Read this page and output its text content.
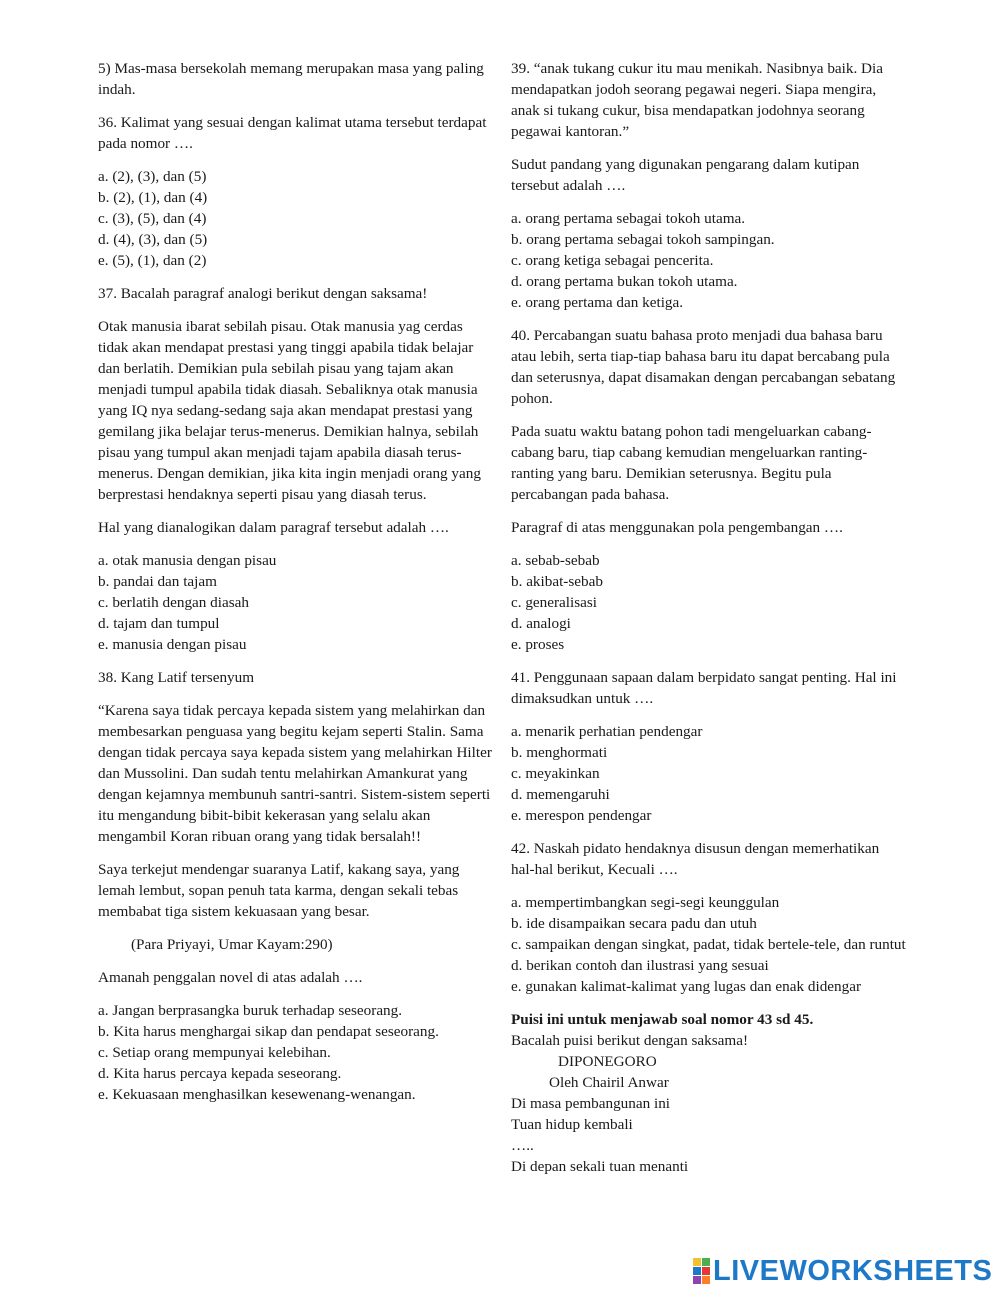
5) Mas-masa bersekolah memang merupakan masa yang paling indah.

36. Kalimat yang sesuai dengan kalimat utama tersebut terdapat pada nomor ….

a. (2), (3), dan (5)
b. (2), (1), dan (4)
c. (3), (5), dan (4)
d. (4), (3), dan (5)
e. (5), (1), dan (2)

37. Bacalah paragraf analogi berikut dengan saksama!

Otak manusia ibarat sebilah pisau. Otak manusia yag cerdas tidak akan mendapat prestasi yang tinggi apabila tidak belajar dan berlatih. Demikian pula sebilah pisau yang tajam akan menjadi tumpul apabila tidak diasah. Sebaliknya otak manusia yang IQ nya sedang-sedang saja akan mendapat prestasi yang gemilang jika belajar terus-menerus. Demikian halnya, sebilah pisau yang tumpul akan menjadi tajam apabila diasah terus-menerus. Dengan demikian, jika kita ingin menjadi orang yang berprestasi hendaknya seperti pisau yang diasah terus.

Hal yang dianalogikan dalam paragraf tersebut adalah ….

a. otak manusia dengan pisau
b. pandai dan tajam
c. berlatih dengan diasah
d. tajam dan tumpul
e. manusia dengan pisau

38. Kang Latif tersenyum

“Karena saya tidak percaya kepada sistem yang melahirkan dan membesarkan penguasa yang begitu kejam seperti Stalin. Sama dengan tidak percaya saya kepada sistem yang melahirkan Hilter dan Mussolini. Dan sudah tentu melahirkan Amankurat yang dengan kejamnya membunuh santri-santri. Sistem-sistem seperti itu mengandung bibit-bibit kekerasan yang selalu akan mengambil Koran ribuan orang yang tidak bersalah!!

Saya terkejut mendengar suaranya Latif, kakang saya, yang lemah lembut, sopan penuh tata karma, dengan sekali tebas membabat tiga sistem kekuasaan yang besar.

(Para Priyayi, Umar Kayam:290)

Amanah penggalan novel di atas adalah ….

a. Jangan berprasangka buruk terhadap seseorang.
b. Kita harus menghargai sikap dan pendapat seseorang.
c. Setiap orang mempunyai kelebihan.
d. Kita harus percaya kepada seseorang.
e. Kekuasaan menghasilkan kesewenang-wenangan.

39. “anak tukang cukur itu mau menikah. Nasibnya baik. Dia mendapatkan jodoh seorang pegawai negeri. Siapa mengira, anak si tukang cukur, bisa mendapatkan jodohnya seorang pegawai kantoran.”

Sudut pandang yang digunakan pengarang dalam kutipan tersebut adalah ….

a. orang pertama sebagai tokoh utama.
b. orang pertama sebagai tokoh sampingan.
c. orang ketiga sebagai pencerita.
d. orang pertama bukan tokoh utama.
e. orang pertama dan ketiga.

40. Percabangan suatu bahasa proto menjadi dua bahasa baru atau lebih, serta tiap-tiap bahasa baru itu dapat bercabang pula dan seterusnya, dapat disamakan dengan percabangan sebatang pohon.

Pada suatu waktu batang pohon tadi mengeluarkan cabang-cabang baru, tiap cabang kemudian mengeluarkan ranting-ranting yang baru. Demikian seterusnya. Begitu pula percabangan pada bahasa.

Paragraf di atas menggunakan pola pengembangan ….

a. sebab-sebab
b. akibat-sebab
c. generalisasi
d. analogi
e. proses

41. Penggunaan sapaan dalam berpidato sangat penting. Hal ini dimaksudkan untuk ….

a. menarik perhatian pendengar
b. menghormati
c. meyakinkan
d. memengaruhi
e. merespon pendengar

42. Naskah pidato hendaknya disusun dengan memerhatikan hal-hal berikut, Kecuali ….

a. mempertimbangkan segi-segi keunggulan
b. ide disampaikan secara padu dan utuh
c. sampaikan dengan singkat, padat, tidak bertele-tele, dan runtut
d. berikan contoh dan ilustrasi yang sesuai
e. gunakan kalimat-kalimat yang lugas dan enak didengar
Puisi ini untuk menjawab soal nomor 43 sd 45.
Bacalah puisi berikut dengan saksama!
DIPONEGORO
Oleh Chairil Anwar
Di masa pembangunan ini
Tuan hidup kembali
…..
Di depan sekali tuan menanti
LIVEWORKSHEETS
